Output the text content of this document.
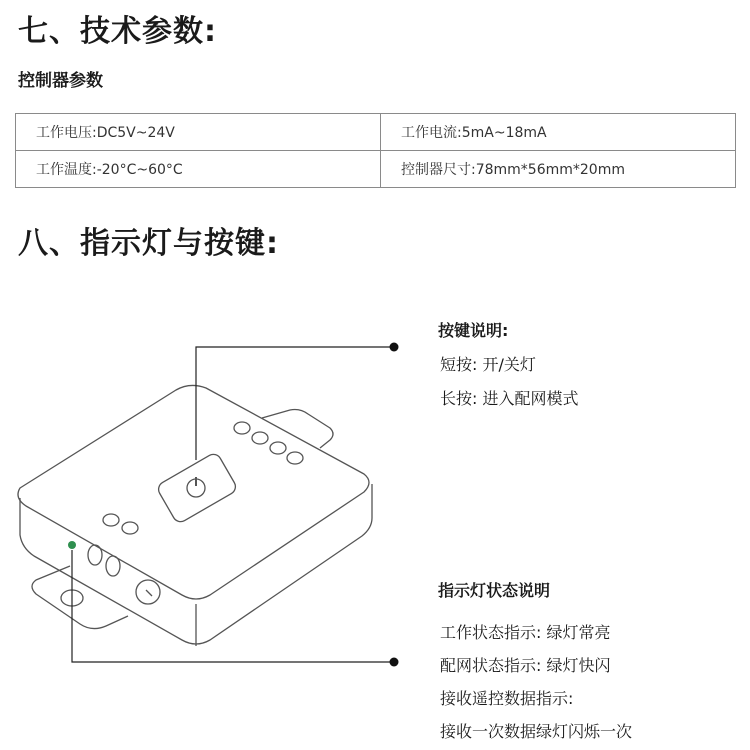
七、技术参数:
控制器参数
工作电压:DC5V~24V	工作电流:5mA~18mA
工作温度:-20°C~60°C	控制器尺寸:78mm*56mm*20mm
八、指示灯与按键:
按键说明:
短按: 开/关灯
长按: 进入配网模式
指示灯状态说明
工作状态指示: 绿灯常亮
配网状态指示: 绿灯快闪
接收遥控数据指示:
接收一次数据绿灯闪烁一次
